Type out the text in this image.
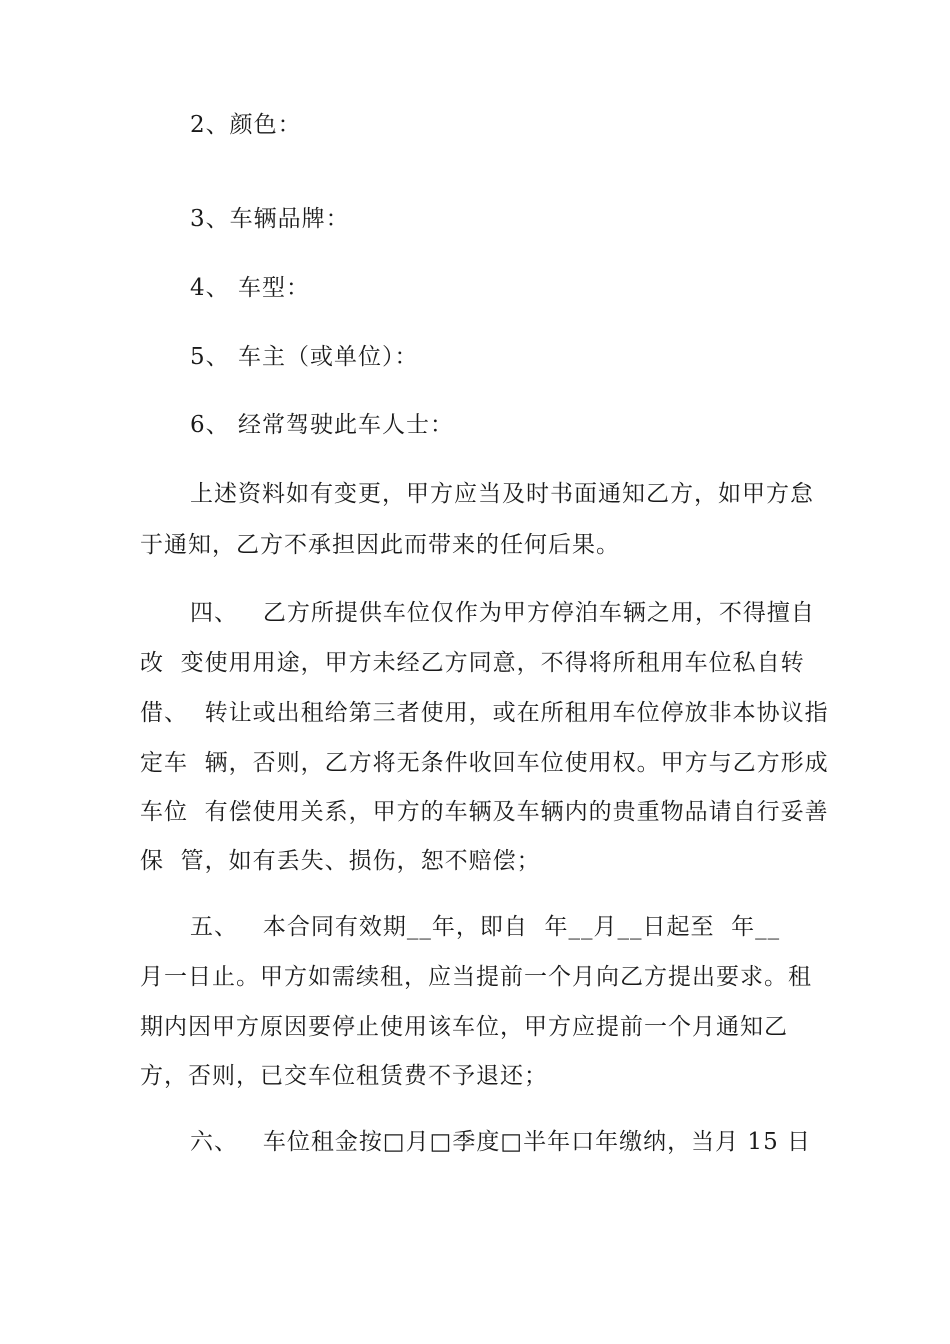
2、颜色：
3、车辆品牌：
4、 车型：
5、 车主（或单位）：
6、 经常驾驶此车人士：
上述资料如有变更，甲方应当及时书面通知乙方，如甲方怠
于通知，乙方不承担因此而带来的任何后果。
四、   乙方所提供车位仅作为甲方停泊车辆之用，不得擅自
改  变使用用途，甲方未经乙方同意，不得将所租用车位私自转
借、  转让或出租给第三者使用，或在所租用车位停放非本协议指
定车  辆，否则，乙方将无条件收回车位使用权。甲方与乙方形成
车位  有偿使用关系，甲方的车辆及车辆内的贵重物品请自行妥善
保  管，如有丢失、损伤，恕不赔偿；
五、   本合同有效期__年，即自  年__月__日起至  年__
月一日止。甲方如需续租，应当提前一个月向乙方提出要求。租
期内因甲方原因要停止使用该车位，甲方应提前一个月通知乙
方，否则，已交车位租赁费不予退还；
六、   车位租金按□月□季度□半年口年缴纳，当月 15 日
